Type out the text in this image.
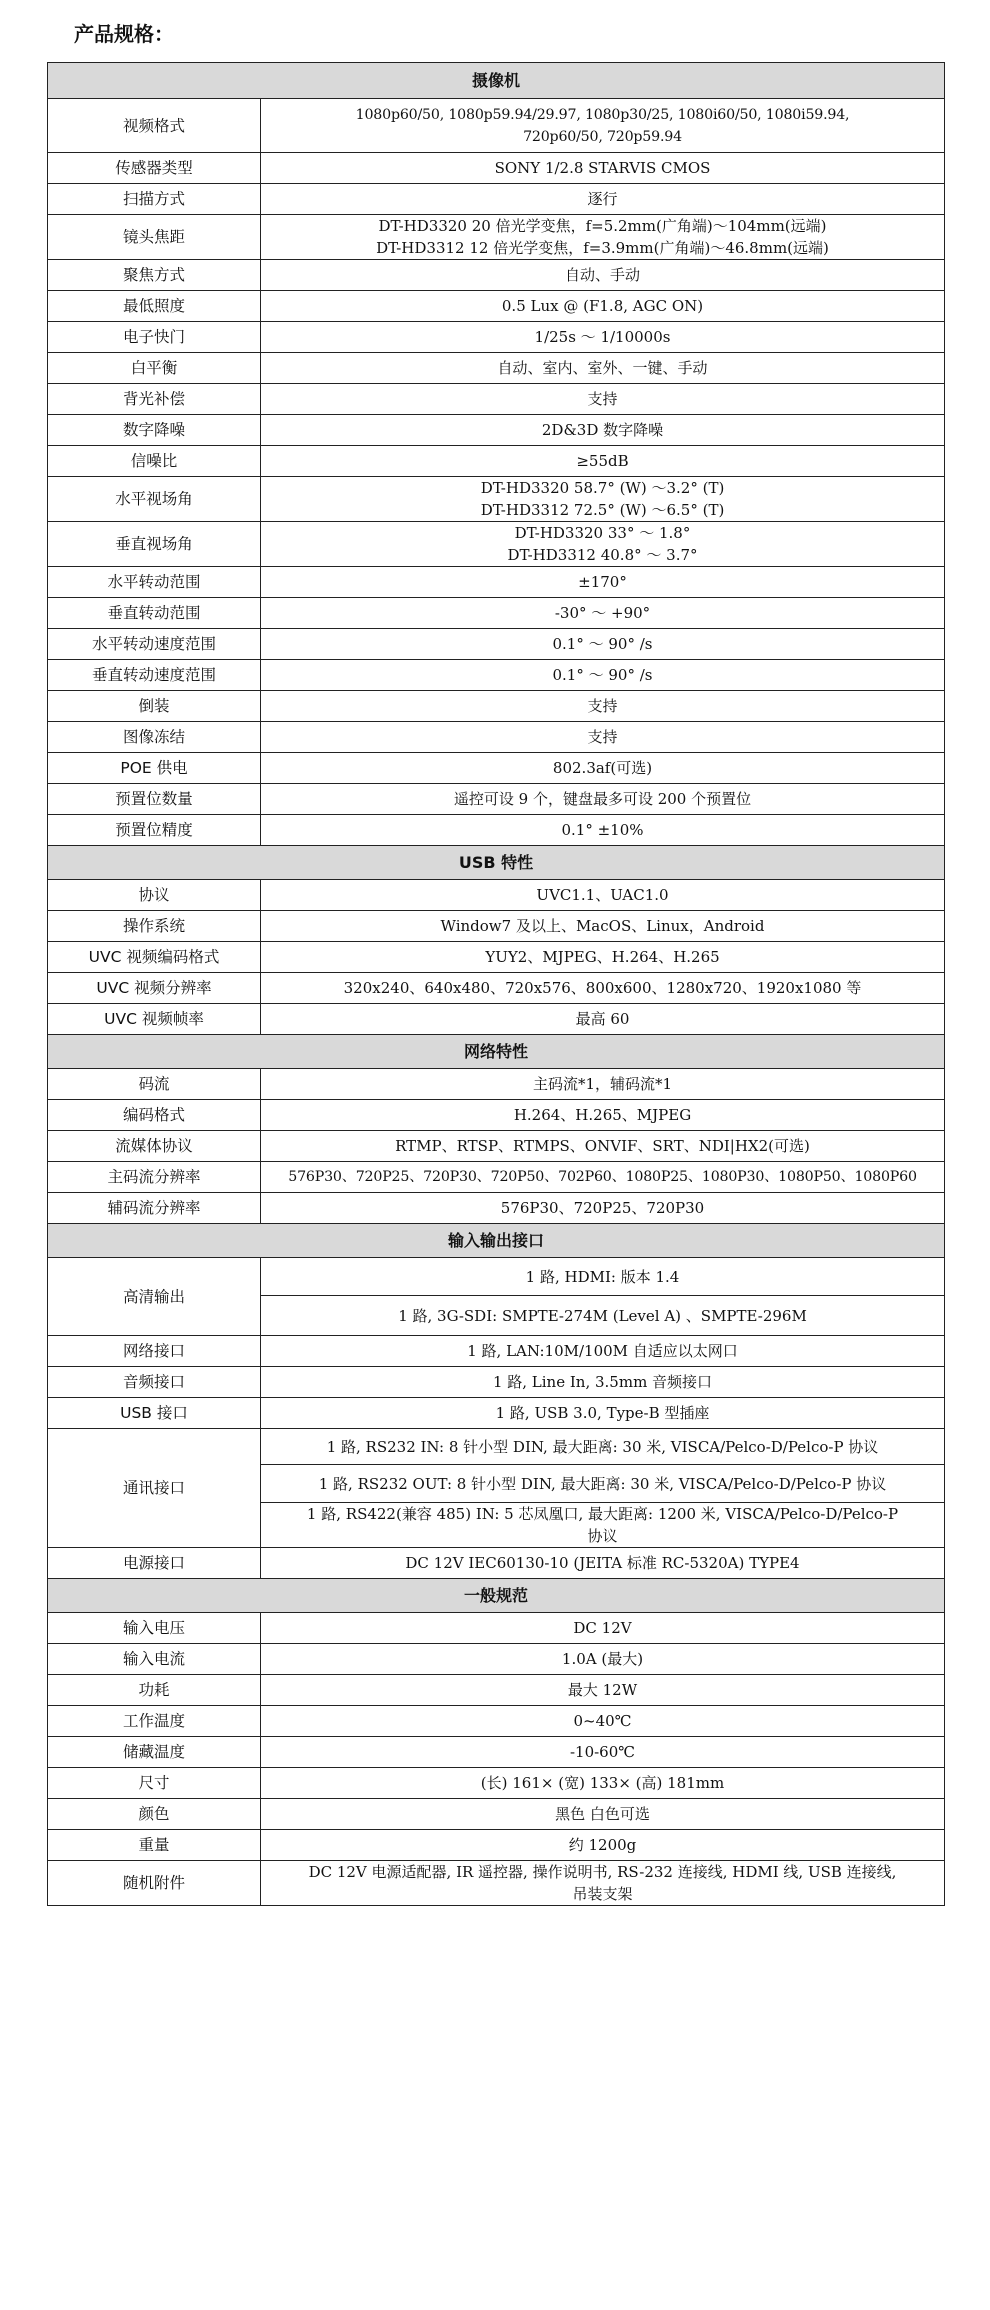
产品规格：
摄像机	
视频格式	1080p60/50, 1080p59.94/29.97, 1080p30/25, 1080i60/50, 1080i59.94,
720p60/50, 720p59.94

传感器类型	SONY 1/2.8 STARVIS CMOS

扫描方式	逐行

镜头焦距	DT-HD3320 20 倍光学变焦，f=5.2mm(广角端)～104mm(远端)
DT-HD3312 12 倍光学变焦，f=3.9mm(广角端)～46.8mm(远端)

聚焦方式	自动、手动

最低照度	0.5 Lux @ (F1.8, AGC ON)

电子快门	1/25s ～ 1/10000s

白平衡	自动、室内、室外、一键、手动

背光补偿	支持

数字降噪	2D&3D 数字降噪

信噪比	≥55dB

水平视场角	DT-HD3320 58.7° (W) ～3.2° (T)
DT-HD3312 72.5° (W) ～6.5° (T)

垂直视场角	DT-HD3320 33° ～ 1.8°
DT-HD3312 40.8° ～ 3.7°

水平转动范围	±170°

垂直转动范围	-30° ～ +90°

水平转动速度范围	0.1° ～ 90° /s

垂直转动速度范围	0.1° ～ 90° /s

倒装	支持

图像冻结	支持

POE 供电	802.3af(可选)

预置位数量	遥控可设 9 个，键盘最多可设 200 个预置位

预置位精度	0.1° ±10%

USB 特性	
协议	UVC1.1、UAC1.0

操作系统	Window7 及以上、MacOS、Linux，Android

UVC 视频编码格式	YUY2、MJPEG、H.264、H.265

UVC 视频分辨率	320x240、640x480、720x576、800x600、1280x720、1920x1080 等

UVC 视频帧率	最高 60

网络特性	
码流	主码流*1，辅码流*1

编码格式	H.264、H.265、MJPEG

流媒体协议	RTMP、RTSP、RTMPS、ONVIF、SRT、NDI|HX2(可选)

主码流分辨率	576P30、720P25、720P30、720P50、702P60、1080P25、1080P30、1080P50、1080P60

辅码流分辨率	576P30、720P25、720P30

输入输出接口	
高清输出	1 路, HDMI: 版本 1.4

	1 路, 3G-SDI: SMPTE-274M (Level A) 、SMPTE-296M

网络接口	1 路, LAN:10M/100M 自适应以太网口

音频接口	1 路, Line In, 3.5mm 音频接口

USB 接口	1 路, USB 3.0, Type-B 型插座

通讯接口	1 路, RS232 IN: 8 针小型 DIN, 最大距离: 30 米, VISCA/Pelco-D/Pelco-P 协议

	1 路, RS232 OUT: 8 针小型 DIN, 最大距离: 30 米, VISCA/Pelco-D/Pelco-P 协议

	1 路, RS422(兼容 485) IN: 5 芯凤凰口, 最大距离: 1200 米, VISCA/Pelco-D/Pelco-P
协议

电源接口	DC 12V IEC60130-10 (JEITA 标准 RC-5320A) TYPE4

一般规范	
输入电压	DC 12V

输入电流	1.0A (最大)

功耗	最大 12W

工作温度	0~40℃

储藏温度	-10-60℃

尺寸	(长) 161× (宽) 133× (高) 181mm

颜色	黑色 白色可选

重量	约 1200g

随机附件	DC 12V 电源适配器, IR 遥控器, 操作说明书, RS-232 连接线, HDMI 线, USB 连接线,
吊装支架
